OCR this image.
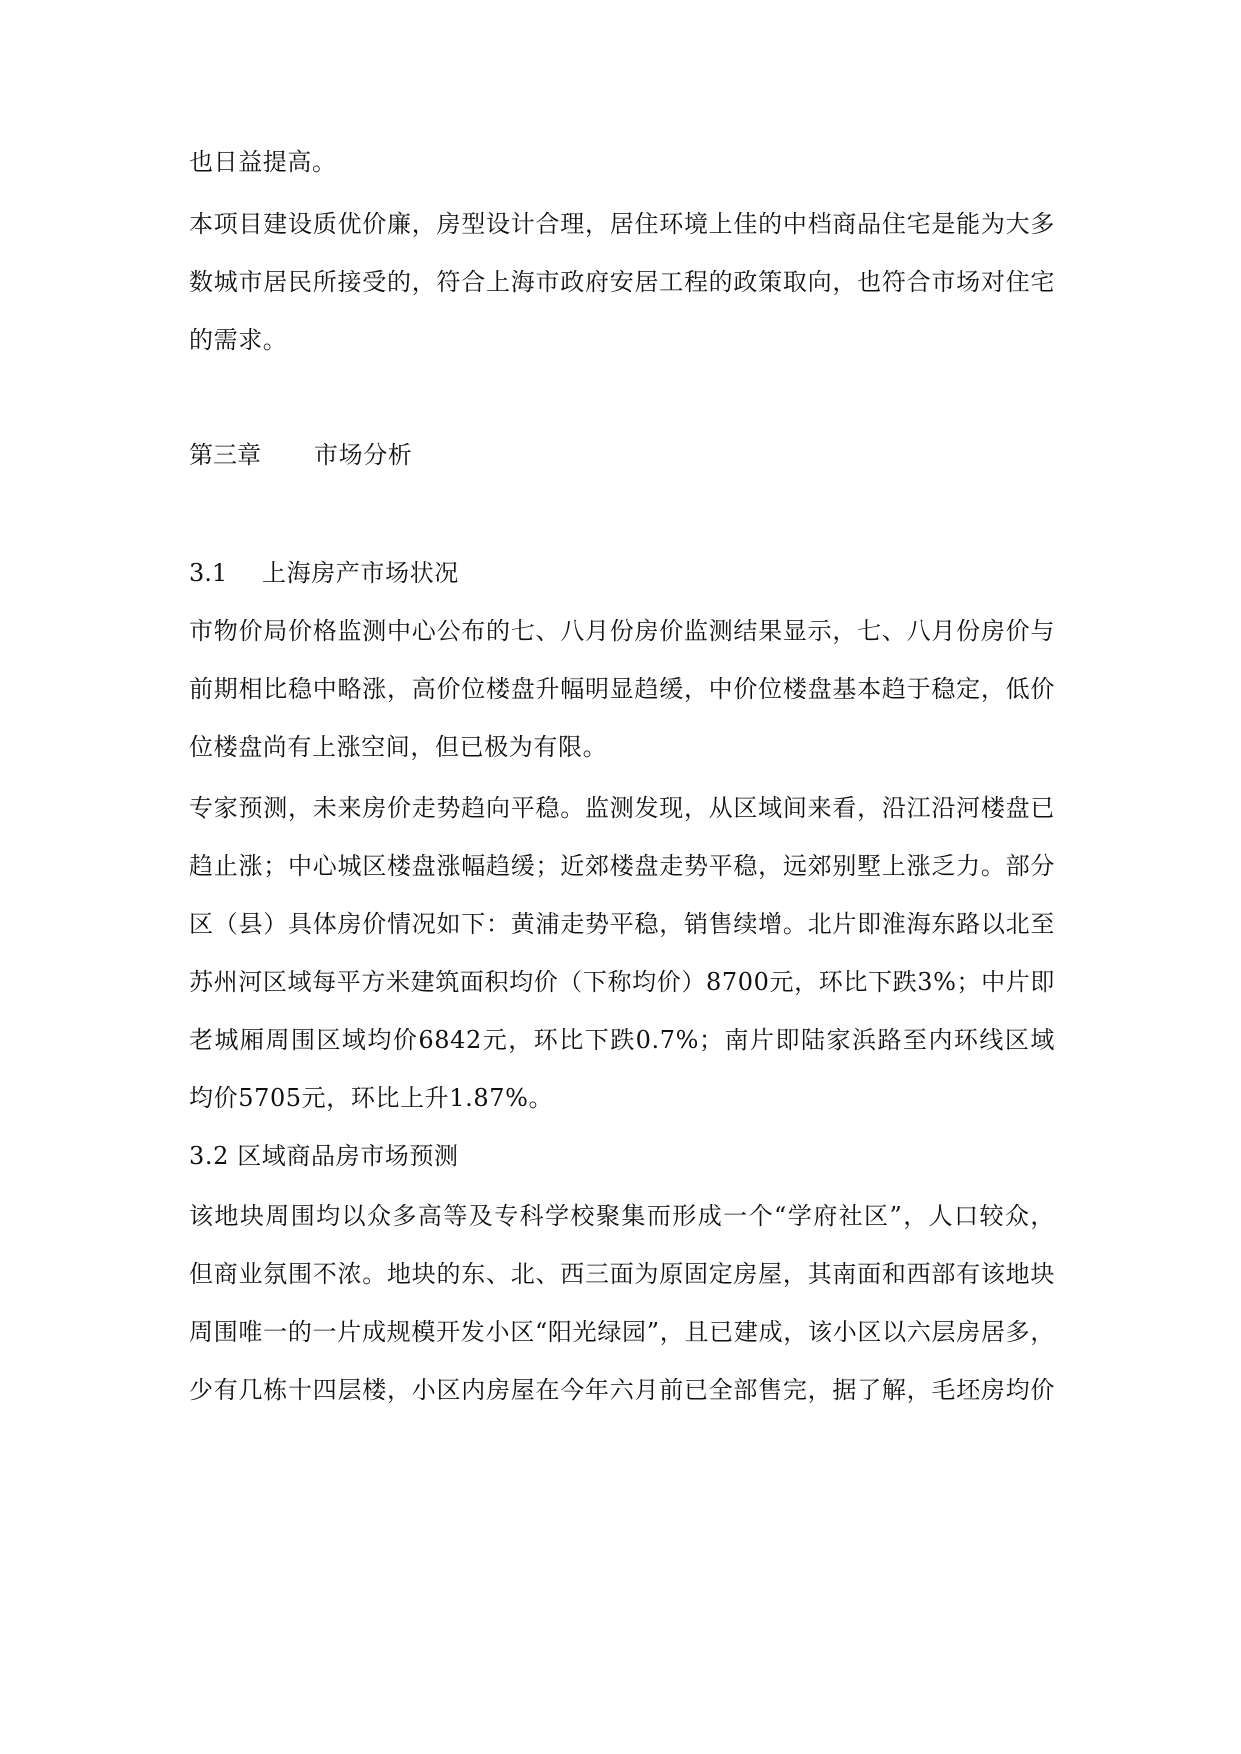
也日益提高。
本项目建设质优价廉，房型设计合理，居住环境上佳的中档商品住宅是能为大多
数城市居民所接受的，符合上海市政府安居工程的政策取向，也符合市场对住宅
的需求。
第三章 市场分析
3.1 上海房产市场状况
市物价局价格监测中心公布的七、八月份房价监测结果显示，七、八月份房价与
前期相比稳中略涨，高价位楼盘升幅明显趋缓，中价位楼盘基本趋于稳定，低价
位楼盘尚有上涨空间，但已极为有限。
专家预测，未来房价走势趋向平稳。监测发现，从区域间来看，沿江沿河楼盘已
趋止涨；中心城区楼盘涨幅趋缓；近郊楼盘走势平稳，远郊别墅上涨乏力。部分
区（县）具体房价情况如下：黄浦走势平稳，销售续增。北片即淮海东路以北至
苏州河区域每平方米建筑面积均价（下称均价）8700元，环比下跌3%；中片即
老城厢周围区域均价6842元，环比下跌0.7%；南片即陆家浜路至内环线区域
均价5705元，环比上升1.87%。
3.2 区域商品房市场预测
该地块周围均以众多高等及专科学校聚集而形成一个“学府社区”，人口较众，
但商业氛围不浓。地块的东、北、西三面为原固定房屋，其南面和西部有该地块
周围唯一的一片成规模开发小区“阳光绿园”，且已建成，该小区以六层房居多，
少有几栋十四层楼，小区内房屋在今年六月前已全部售完，据了解，毛坯房均价
